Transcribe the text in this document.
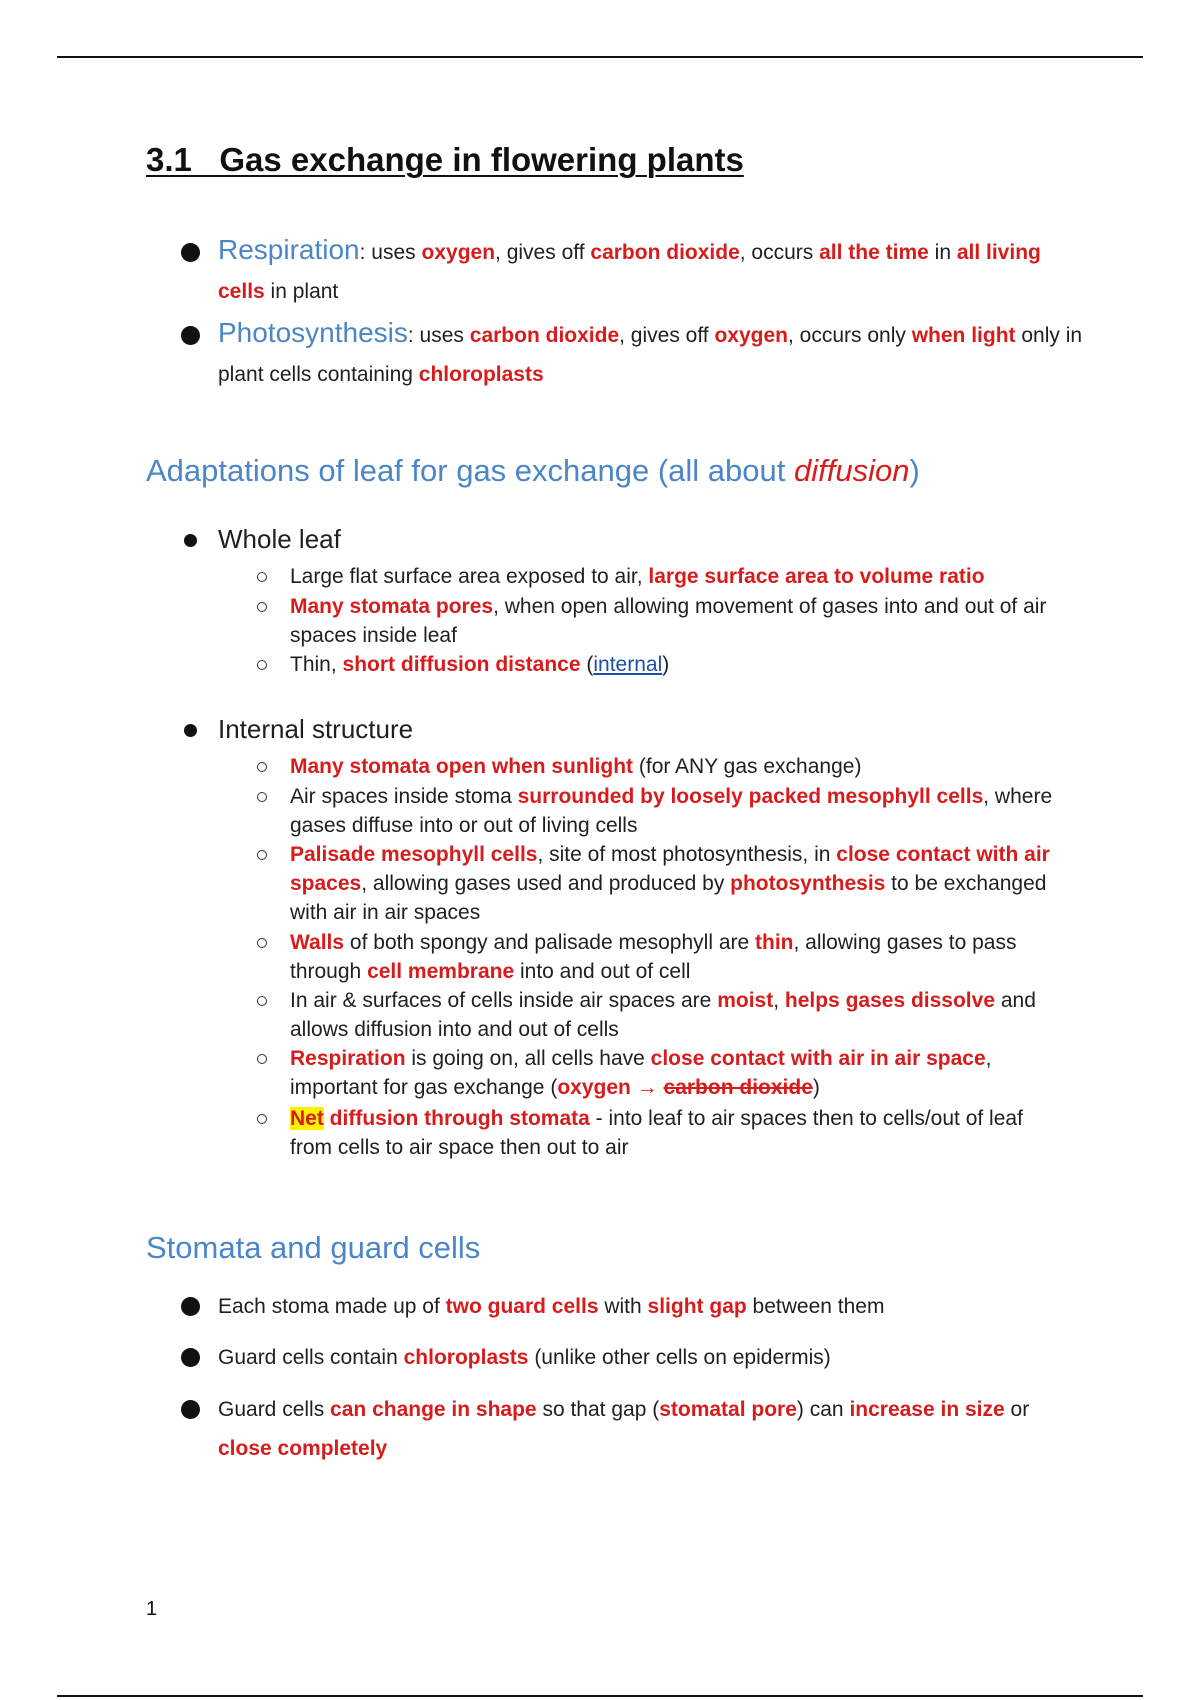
3.1   Gas exchange in flowering plants
Respiration: uses oxygen, gives off carbon dioxide, occurs all the time in all living cells in plant
Photosynthesis: uses carbon dioxide, gives off oxygen, occurs only when light only in plant cells containing chloroplasts
Adaptations of leaf for gas exchange (all about diffusion)
Whole leaf
Large flat surface area exposed to air, large surface area to volume ratio
Many stomata pores, when open allowing movement of gases into and out of air spaces inside leaf
Thin, short diffusion distance (internal)
Internal structure
Many stomata open when sunlight (for ANY gas exchange)
Air spaces inside stoma surrounded by loosely packed mesophyll cells, where gases diffuse into or out of living cells
Palisade mesophyll cells, site of most photosynthesis, in close contact with air spaces, allowing gases used and produced by photosynthesis to be exchanged with air in air spaces
Walls of both spongy and palisade mesophyll are thin, allowing gases to pass through cell membrane into and out of cell
In air & surfaces of cells inside air spaces are moist, helps gases dissolve and allows diffusion into and out of cells
Respiration is going on, all cells have close contact with air in air space, important for gas exchange (oxygen → carbon dioxide)
Net diffusion through stomata - into leaf to air spaces then to cells/out of leaf from cells to air space then out to air
Stomata and guard cells
Each stoma made up of two guard cells with slight gap between them
Guard cells contain chloroplasts (unlike other cells on epidermis)
Guard cells can change in shape so that gap (stomatal pore) can increase in size or close completely
1
